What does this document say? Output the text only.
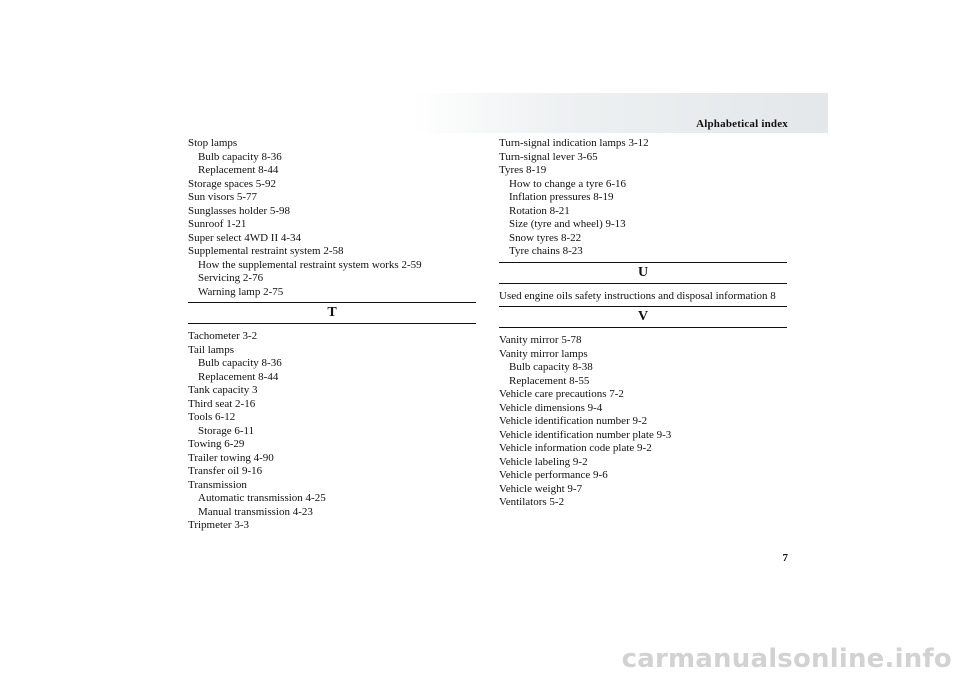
Alphabetical index
Stop lamps
Bulb capacity 8-36
Replacement 8-44
Storage spaces 5-92
Sun visors 5-77
Sunglasses holder 5-98
Sunroof 1-21
Super select 4WD II 4-34
Supplemental restraint system 2-58
How the supplemental restraint system works 2-59
Servicing 2-76
Warning lamp 2-75
T
Tachometer 3-2
Tail lamps
Bulb capacity 8-36
Replacement 8-44
Tank capacity 3
Third seat 2-16
Tools 6-12
Storage 6-11
Towing 6-29
Trailer towing 4-90
Transfer oil 9-16
Transmission
Automatic transmission 4-25
Manual transmission 4-23
Tripmeter 3-3
Turn-signal indication lamps 3-12
Turn-signal lever 3-65
Tyres 8-19
How to change a tyre 6-16
Inflation pressures 8-19
Rotation 8-21
Size (tyre and wheel) 9-13
Snow tyres 8-22
Tyre chains 8-23
U
Used engine oils safety instructions and disposal information 8
V
Vanity mirror 5-78
Vanity mirror lamps
Bulb capacity 8-38
Replacement 8-55
Vehicle care precautions 7-2
Vehicle dimensions 9-4
Vehicle identification number 9-2
Vehicle identification number plate 9-3
Vehicle information code plate 9-2
Vehicle labeling 9-2
Vehicle performance 9-6
Vehicle weight 9-7
Ventilators 5-2
7
carmanualsonline.info
